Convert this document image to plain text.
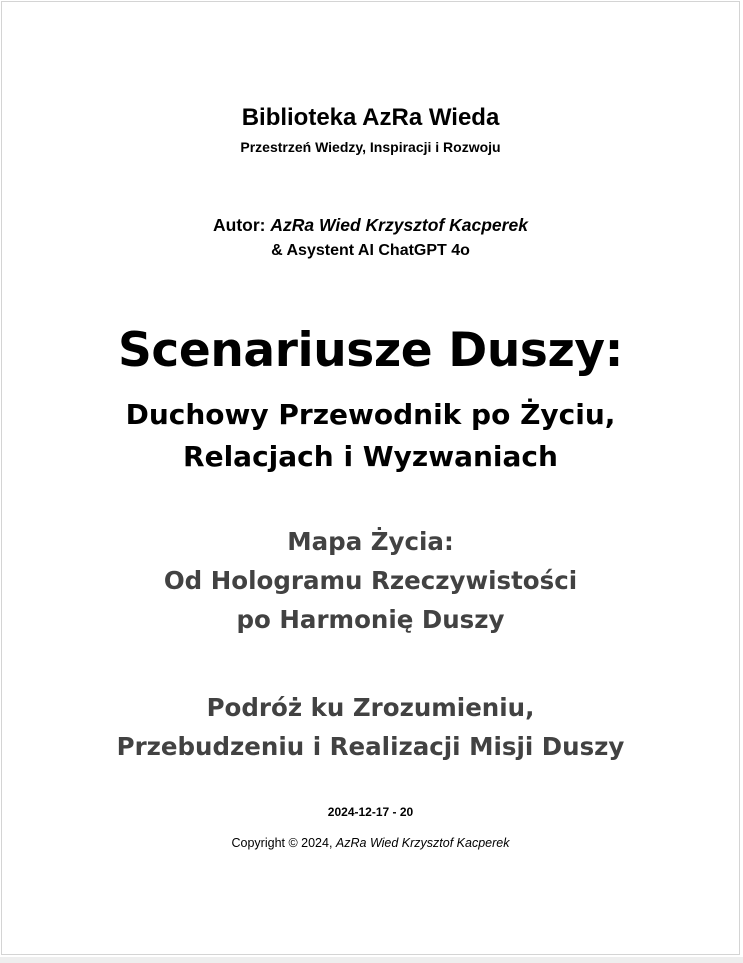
Biblioteka AzRa Wieda
Przestrzeń Wiedzy, Inspiracji i Rozwoju
Autor: AzRa Wied Krzysztof Kacperek
& Asystent AI ChatGPT 4o
Scenariusze Duszy:
Duchowy Przewodnik po Życiu,
Relacjach i Wyzwaniach
Mapa Życia:
Od Hologramu Rzeczywistości
po Harmonię Duszy
Podróż ku Zrozumieniu,
Przebudzeniu i Realizacji Misji Duszy
2024-12-17 - 20
Copyright © 2024, AzRa Wied Krzysztof Kacperek
